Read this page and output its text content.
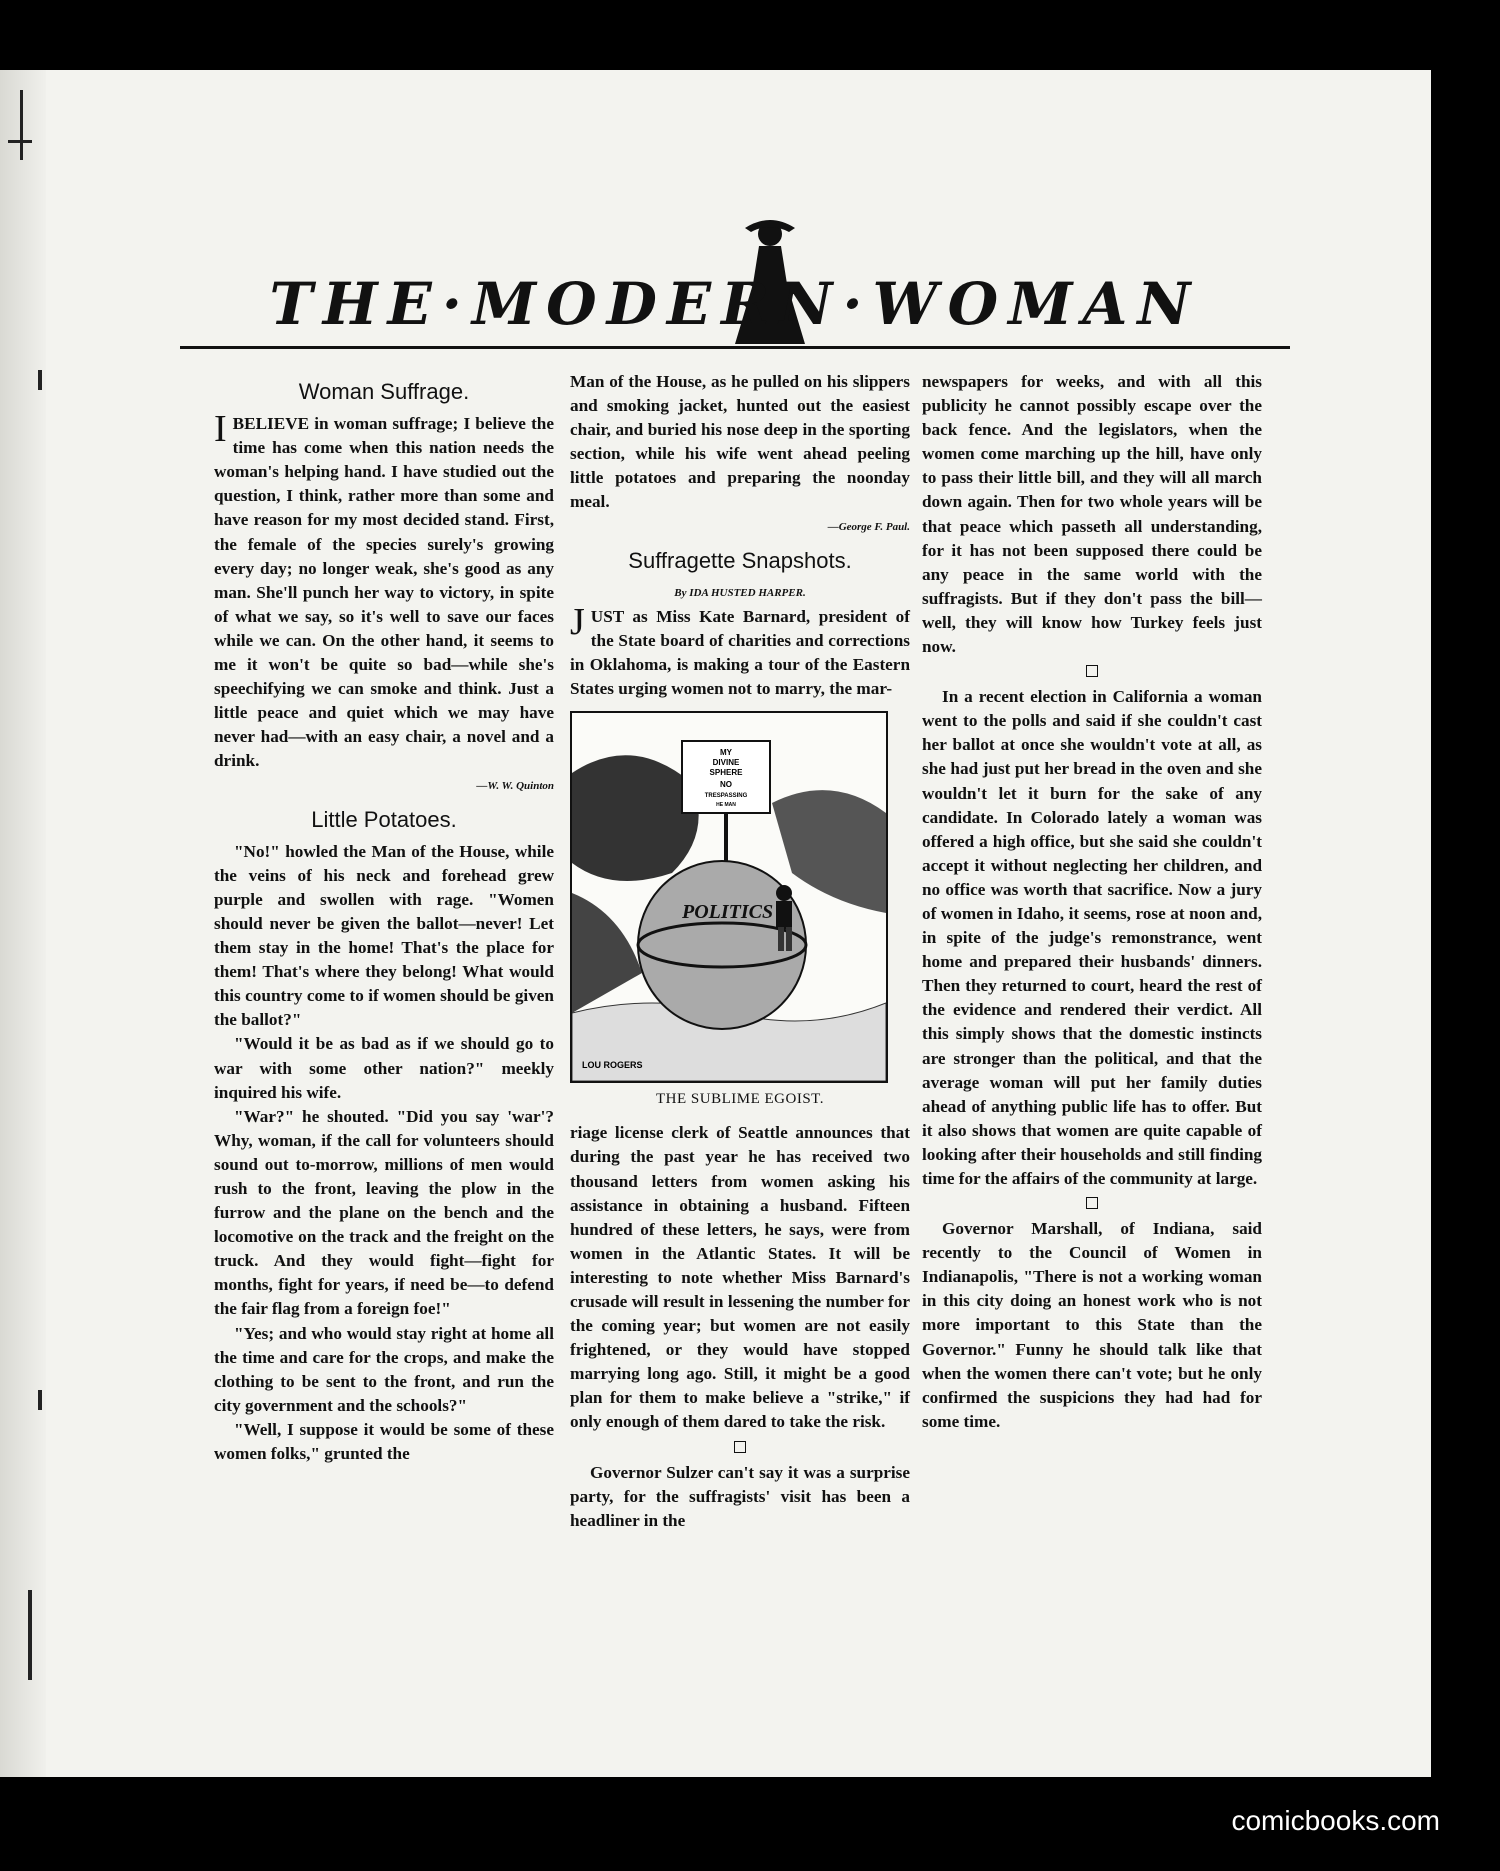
THE·MODERN·WOMAN
Woman Suffrage.

IBELIEVE in woman suffrage; I believe the time has come when this nation needs the woman's helping hand. I have studied out the question, I think, rather more than some and have reason for my most decided stand. First, the female of the species surely's growing every day; no longer weak, she's good as any man. She'll punch her way to victory, in spite of what we say, so it's well to save our faces while we can. On the other hand, it seems to me it won't be quite so bad—while she's speechifying we can smoke and think. Just a little peace and quiet which we may have never had—with an easy chair, a novel and a drink.

—W. W. Quinton

Little Potatoes.

"No!" howled the Man of the House, while the veins of his neck and forehead grew purple and swollen with rage. "Women should never be given the ballot—never! Let them stay in the home! That's the place for them! That's where they belong! What would this country come to if women should be given the ballot?"

"Would it be as bad as if we should go to war with some other nation?" meekly inquired his wife.

"War?" he shouted. "Did you say 'war'? Why, woman, if the call for volunteers should sound out to-morrow, millions of men would rush to the front, leaving the plow in the furrow and the plane on the bench and the locomotive on the track and the freight on the truck. And they would fight—fight for months, fight for years, if need be—to defend the fair flag from a foreign foe!"

"Yes; and who would stay right at home all the time and care for the crops, and make the clothing to be sent to the front, and run the city government and the schools?"

"Well, I suppose it would be some of these women folks," grunted the

Man of the House, as he pulled on his slippers and smoking jacket, hunted out the easiest chair, and buried his nose deep in the sporting section, while his wife went ahead peeling little potatoes and preparing the noonday meal.

—George F. Paul.

Suffragette Snapshots.

By IDA HUSTED HARPER.

JUST as Miss Kate Barnard, president of the State board of charities and corrections in Oklahoma, is making a tour of the Eastern States urging women not to marry, the mar-

MY
DIVINE
SPHERE
NO
TRESPASSING
HE MAN
POLITICS
LOU ROGERS

THE SUBLIME EGOIST.

riage license clerk of Seattle announces that during the past year he has received two thousand letters from women asking his assistance in obtaining a husband. Fifteen hundred of these letters, he says, were from women in the Atlantic States. It will be interesting to note whether Miss Barnard's crusade will result in lessening the number for the coming year; but women are not easily frightened, or they would have stopped marrying long ago. Still, it might be a good plan for them to make believe a "strike," if only enough of them dared to take the risk.

Governor Sulzer can't say it was a surprise party, for the suffragists' visit has been a headliner in the

newspapers for weeks, and with all this publicity he cannot possibly escape over the back fence. And the legislators, when the women come marching up the hill, have only to pass their little bill, and they will all march down again. Then for two whole years will be that peace which passeth all understanding, for it has not been supposed there could be any peace in the same world with the suffragists. But if they don't pass the bill—well, they will know how Turkey feels just now.

In a recent election in California a woman went to the polls and said if she couldn't cast her ballot at once she wouldn't vote at all, as she had just put her bread in the oven and she wouldn't let it burn for the sake of any candidate. In Colorado lately a woman was offered a high office, but she said she couldn't accept it without neglecting her children, and no office was worth that sacrifice. Now a jury of women in Idaho, it seems, rose at noon and, in spite of the judge's remonstrance, went home and prepared their husbands' dinners. Then they returned to court, heard the rest of the evidence and rendered their verdict. All this simply shows that the domestic instincts are stronger than the political, and that the average woman will put her family duties ahead of anything public life has to offer. But it also shows that women are quite capable of looking after their households and still finding time for the affairs of the community at large.

Governor Marshall, of Indiana, said recently to the Council of Women in Indianapolis, "There is not a working woman in this city doing an honest work who is not more important to this State than the Governor." Funny he should talk like that when the women there can't vote; but he only confirmed the suspicions they had had for some time.

comicbooks.com
